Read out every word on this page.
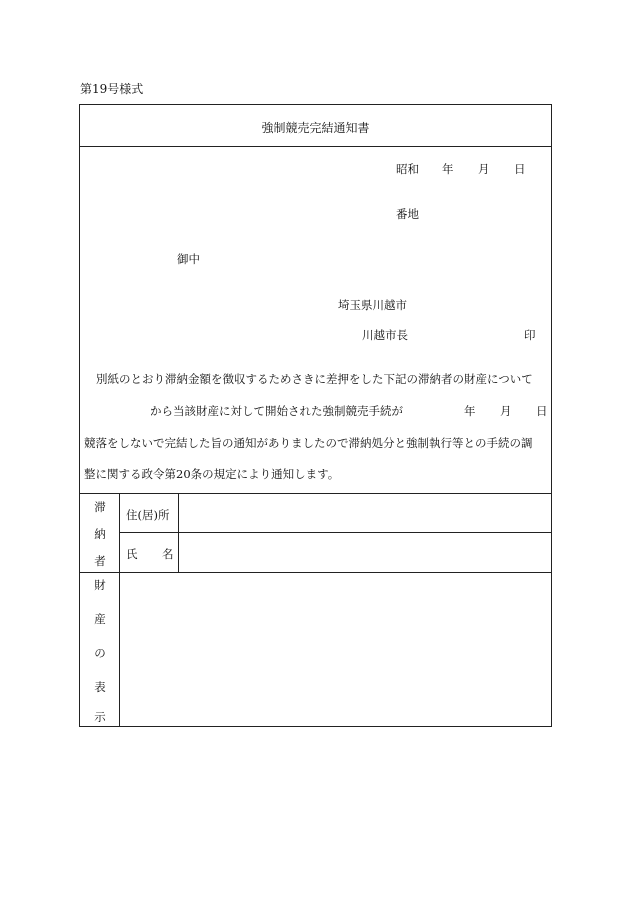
第19号様式
強制競売完結通知書
昭和 年 月 日
番地
御中
埼玉県川越市
川越市長	印
別紙のとおり滞納金額を徴収するためさきに差押をした下記の滞納者の財産について
から当該財産に対して開始された強制競売手続が	年 月 日
競落をしないで完結した旨の通知がありましたので滞納処分と強制執行等との手続の調
整に関する政令第20条の規定により通知します。
滞
納
者
住(居)所
氏 名
財
産
の
表
示
